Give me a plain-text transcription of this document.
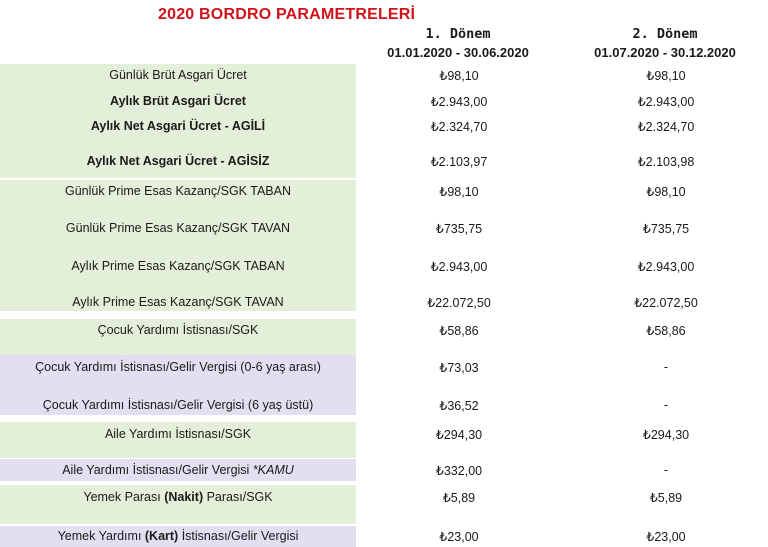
2020 BORDRO PARAMETRELERİ
1. Dönem
01.01.2020 - 30.06.2020
2. Dönem
01.07.2020 - 30.12.2020
Günlük Brüt Asgari Ücret
Aylık Brüt Asgari Ücret
Aylık Net Asgari Ücret - AGİLİ
Aylık Net Asgari Ücret - AGİSİZ
Günlük Prime Esas Kazanç/SGK TABAN
Günlük Prime Esas Kazanç/SGK TAVAN
Aylık Prime Esas Kazanç/SGK TABAN
Aylık Prime Esas Kazanç/SGK TAVAN
Çocuk Yardımı İstisnası/SGK
Çocuk Yardımı İstisnası/Gelir Vergisi (0-6 yaş arası)
Çocuk Yardımı İstisnası/Gelir Vergisi (6 yaş üstü)
Aile Yardımı İstisnası/SGK
Aile Yardımı İstisnası/Gelir Vergisi *KAMU
Yemek Parası (Nakit) Parası/SGK
Yemek Yardımı (Kart) İstisnası/Gelir Vergisi
₺98,10
₺2.943,00
₺2.324,70
₺2.103,97
₺98,10
₺735,75
₺2.943,00
₺22.072,50
₺58,86
₺73,03
₺36,52
₺294,30
₺332,00
₺5,89
₺23,00
₺98,10
₺2.943,00
₺2.324,70
₺2.103,98
₺98,10
₺735,75
₺2.943,00
₺22.072,50
₺58,86
-
-
₺294,30
-
₺5,89
₺23,00
